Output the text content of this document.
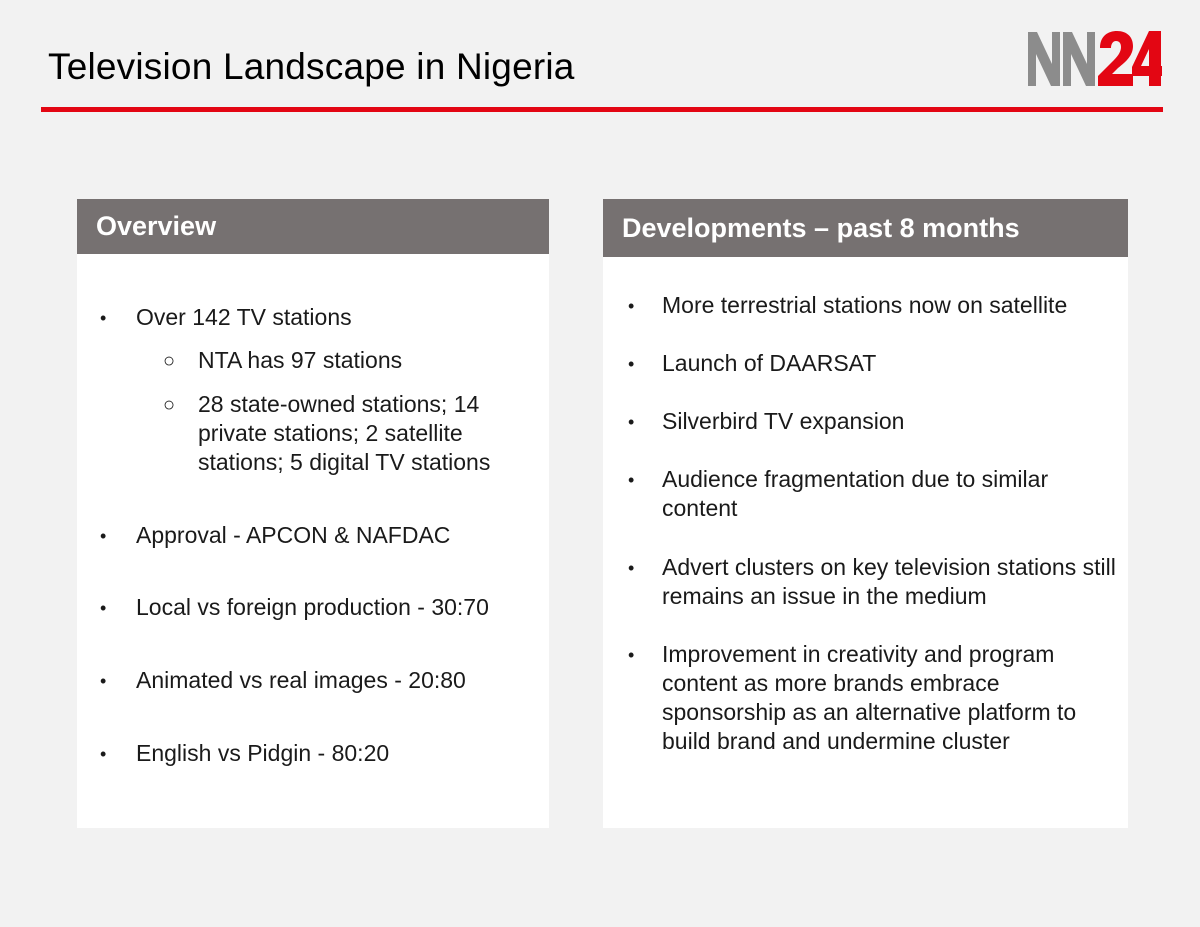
Television Landscape in Nigeria
Overview
• Over 142 TV stations
○ NTA has 97 stations
○ 28 state-owned stations; 14 private stations; 2 satellite stations; 5 digital TV stations
• Approval - APCON & NAFDAC
• Local vs foreign production - 30:70
• Animated vs real images - 20:80
• English vs Pidgin - 80:20
Developments – past 8 months
• More terrestrial stations now on satellite
• Launch of DAARSAT
• Silverbird TV expansion
• Audience fragmentation due to similar content
• Advert clusters on key television stations still remains an issue in the medium
• Improvement in creativity and program content as more brands embrace sponsorship as an alternative platform to build brand and undermine cluster
